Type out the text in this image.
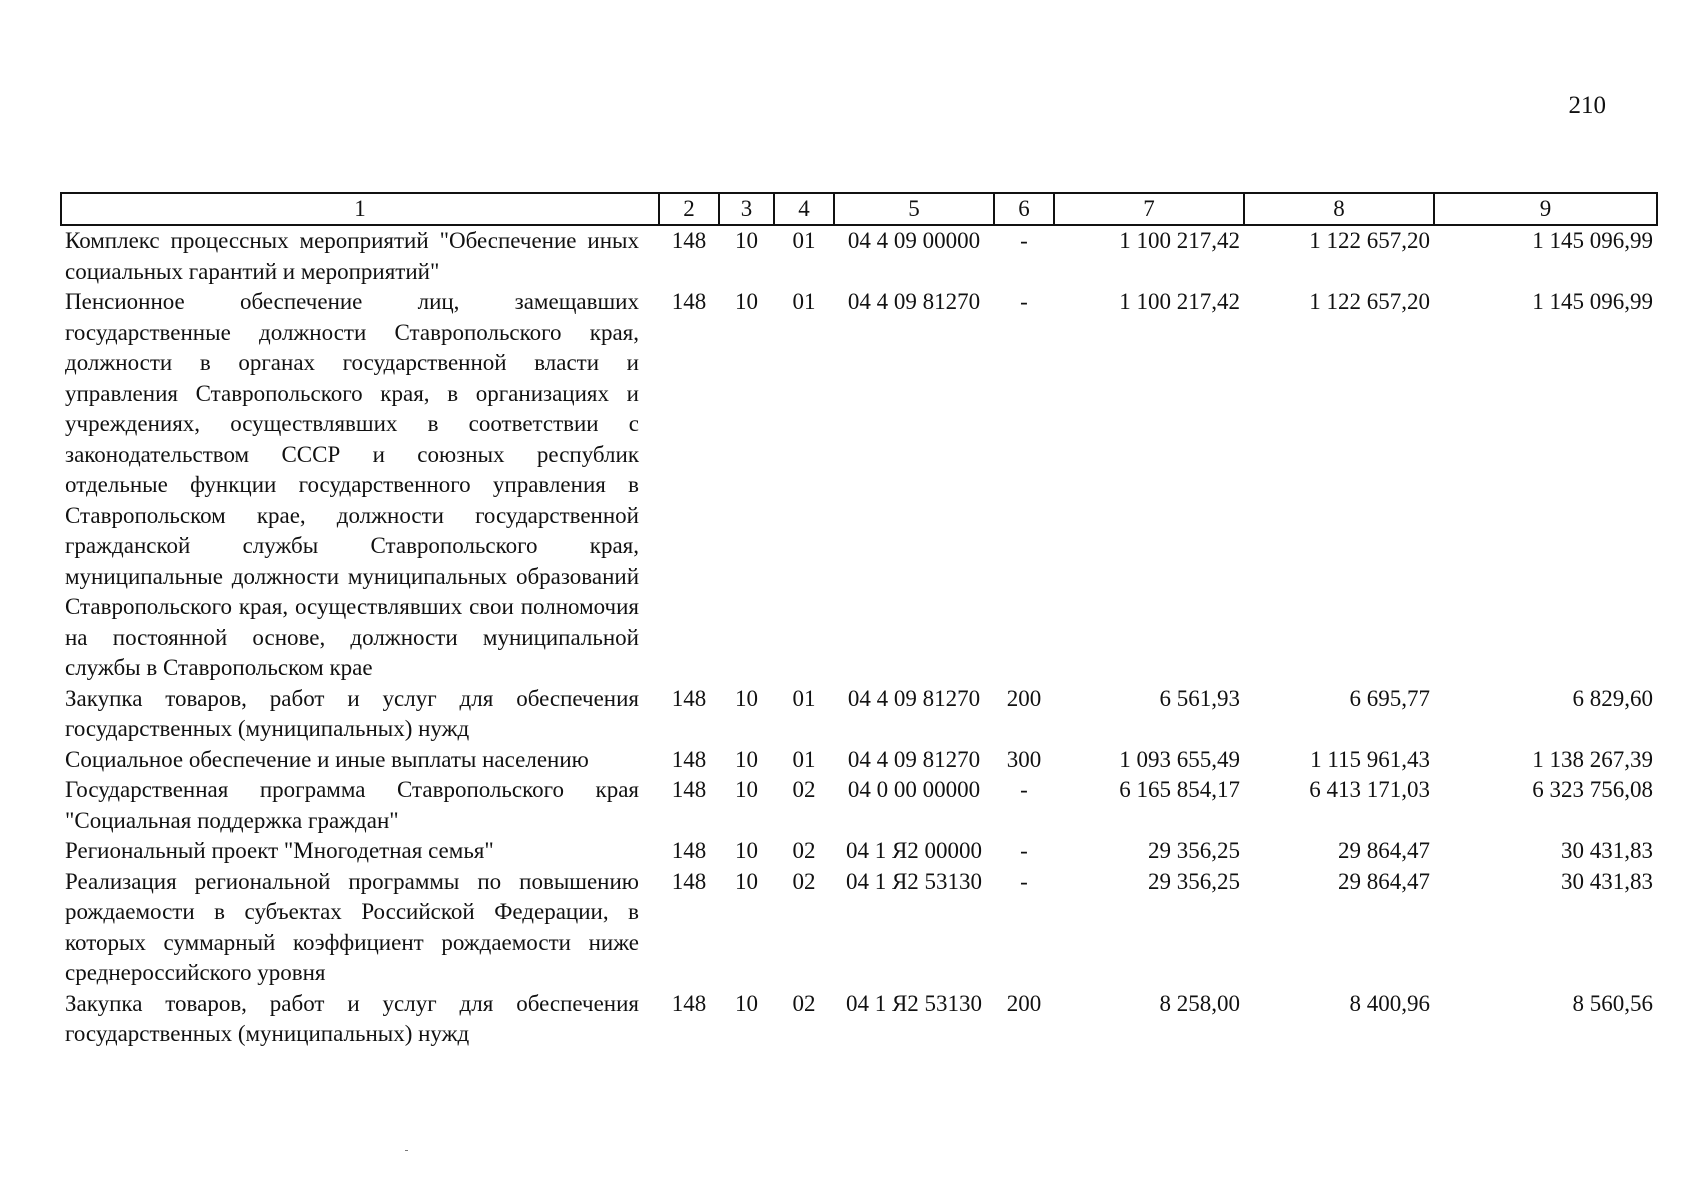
210
1	2	3	4	5	6	7	8	9
Комплекс процессных мероприятий "Обеспечение иных социальных гарантий и мероприятий"	148	10	01	04 4 09 00000	-	1 100 217,42	1 122 657,20	1 145 096,99
Пенсионное обеспечение лиц, замещавших государственные должности Ставропольского края, должности в органах государственной власти и управления Ставропольского края, в организациях и учреждениях, осуществлявших в соответствии с законодательством СССР и союзных республик отдельные функции государственного управления в Ставропольском крае, должности государственной гражданской службы Ставропольского края, муниципальные должности муниципальных образований Ставропольского края, осуществлявших свои полномочия на постоянной основе, должности муниципальной службы в Ставропольском крае	148	10	01	04 4 09 81270	-	1 100 217,42	1 122 657,20	1 145 096,99
Закупка товаров, работ и услуг для обеспечения государственных (муниципальных) нужд	148	10	01	04 4 09 81270	200	6 561,93	6 695,77	6 829,60
Социальное обеспечение и иные выплаты населению	148	10	01	04 4 09 81270	300	1 093 655,49	1 115 961,43	1 138 267,39
Государственная программа Ставропольского края "Социальная поддержка граждан"	148	10	02	04 0 00 00000	-	6 165 854,17	6 413 171,03	6 323 756,08
Региональный проект "Многодетная семья"	148	10	02	04 1 Я2 00000	-	29 356,25	29 864,47	30 431,83
Реализация региональной программы по повышению рождаемости в субъектах Российской Федерации, в которых суммарный коэффициент рождаемости ниже среднероссийского уровня	148	10	02	04 1 Я2 53130	-	29 356,25	29 864,47	30 431,83
Закупка товаров, работ и услуг для обеспечения государственных (муниципальных) нужд	148	10	02	04 1 Я2 53130	200	8 258,00	8 400,96	8 560,56
